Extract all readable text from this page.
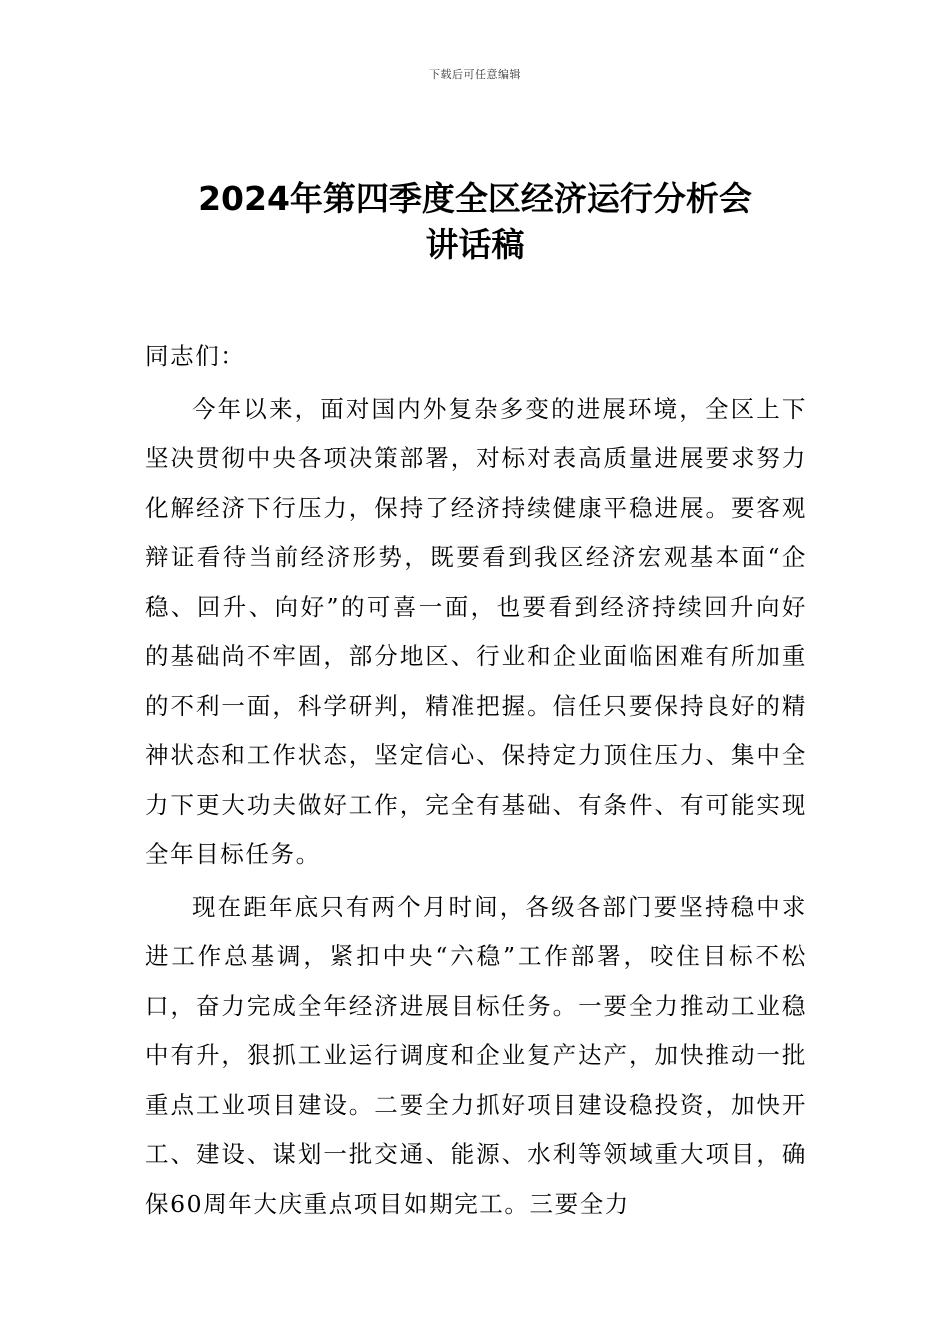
下载后可任意编辑
2024年第四季度全区经济运行分析会
讲话稿

同志们：

今年以来，面对国内外复杂多变的进展环境，全区上下坚决贯彻中央各项决策部署，对标对表高质量进展要求努力化解经济下行压力，保持了经济持续健康平稳进展。要客观辩证看待当前经济形势，既要看到我区经济宏观基本面“企稳、回升、向好”的可喜一面，也要看到经济持续回升向好的基础尚不牢固，部分地区、行业和企业面临困难有所加重的不利一面，科学研判，精准把握。信任只要保持良好的精神状态和工作状态，坚定信心、保持定力顶住压力、集中全力下更大功夫做好工作，完全有基础、有条件、有可能实现全年目标任务。

现在距年底只有两个月时间，各级各部门要坚持稳中求进工作总基调，紧扣中央“六稳”工作部署，咬住目标不松口，奋力完成全年经济进展目标任务。一要全力推动工业稳中有升，狠抓工业运行调度和企业复产达产，加快推动一批重点工业项目建设。二要全力抓好项目建设稳投资，加快开工、建设、谋划一批交通、能源、水利等领域重大项目，确保60周年大庆重点项目如期完工。三要全力
